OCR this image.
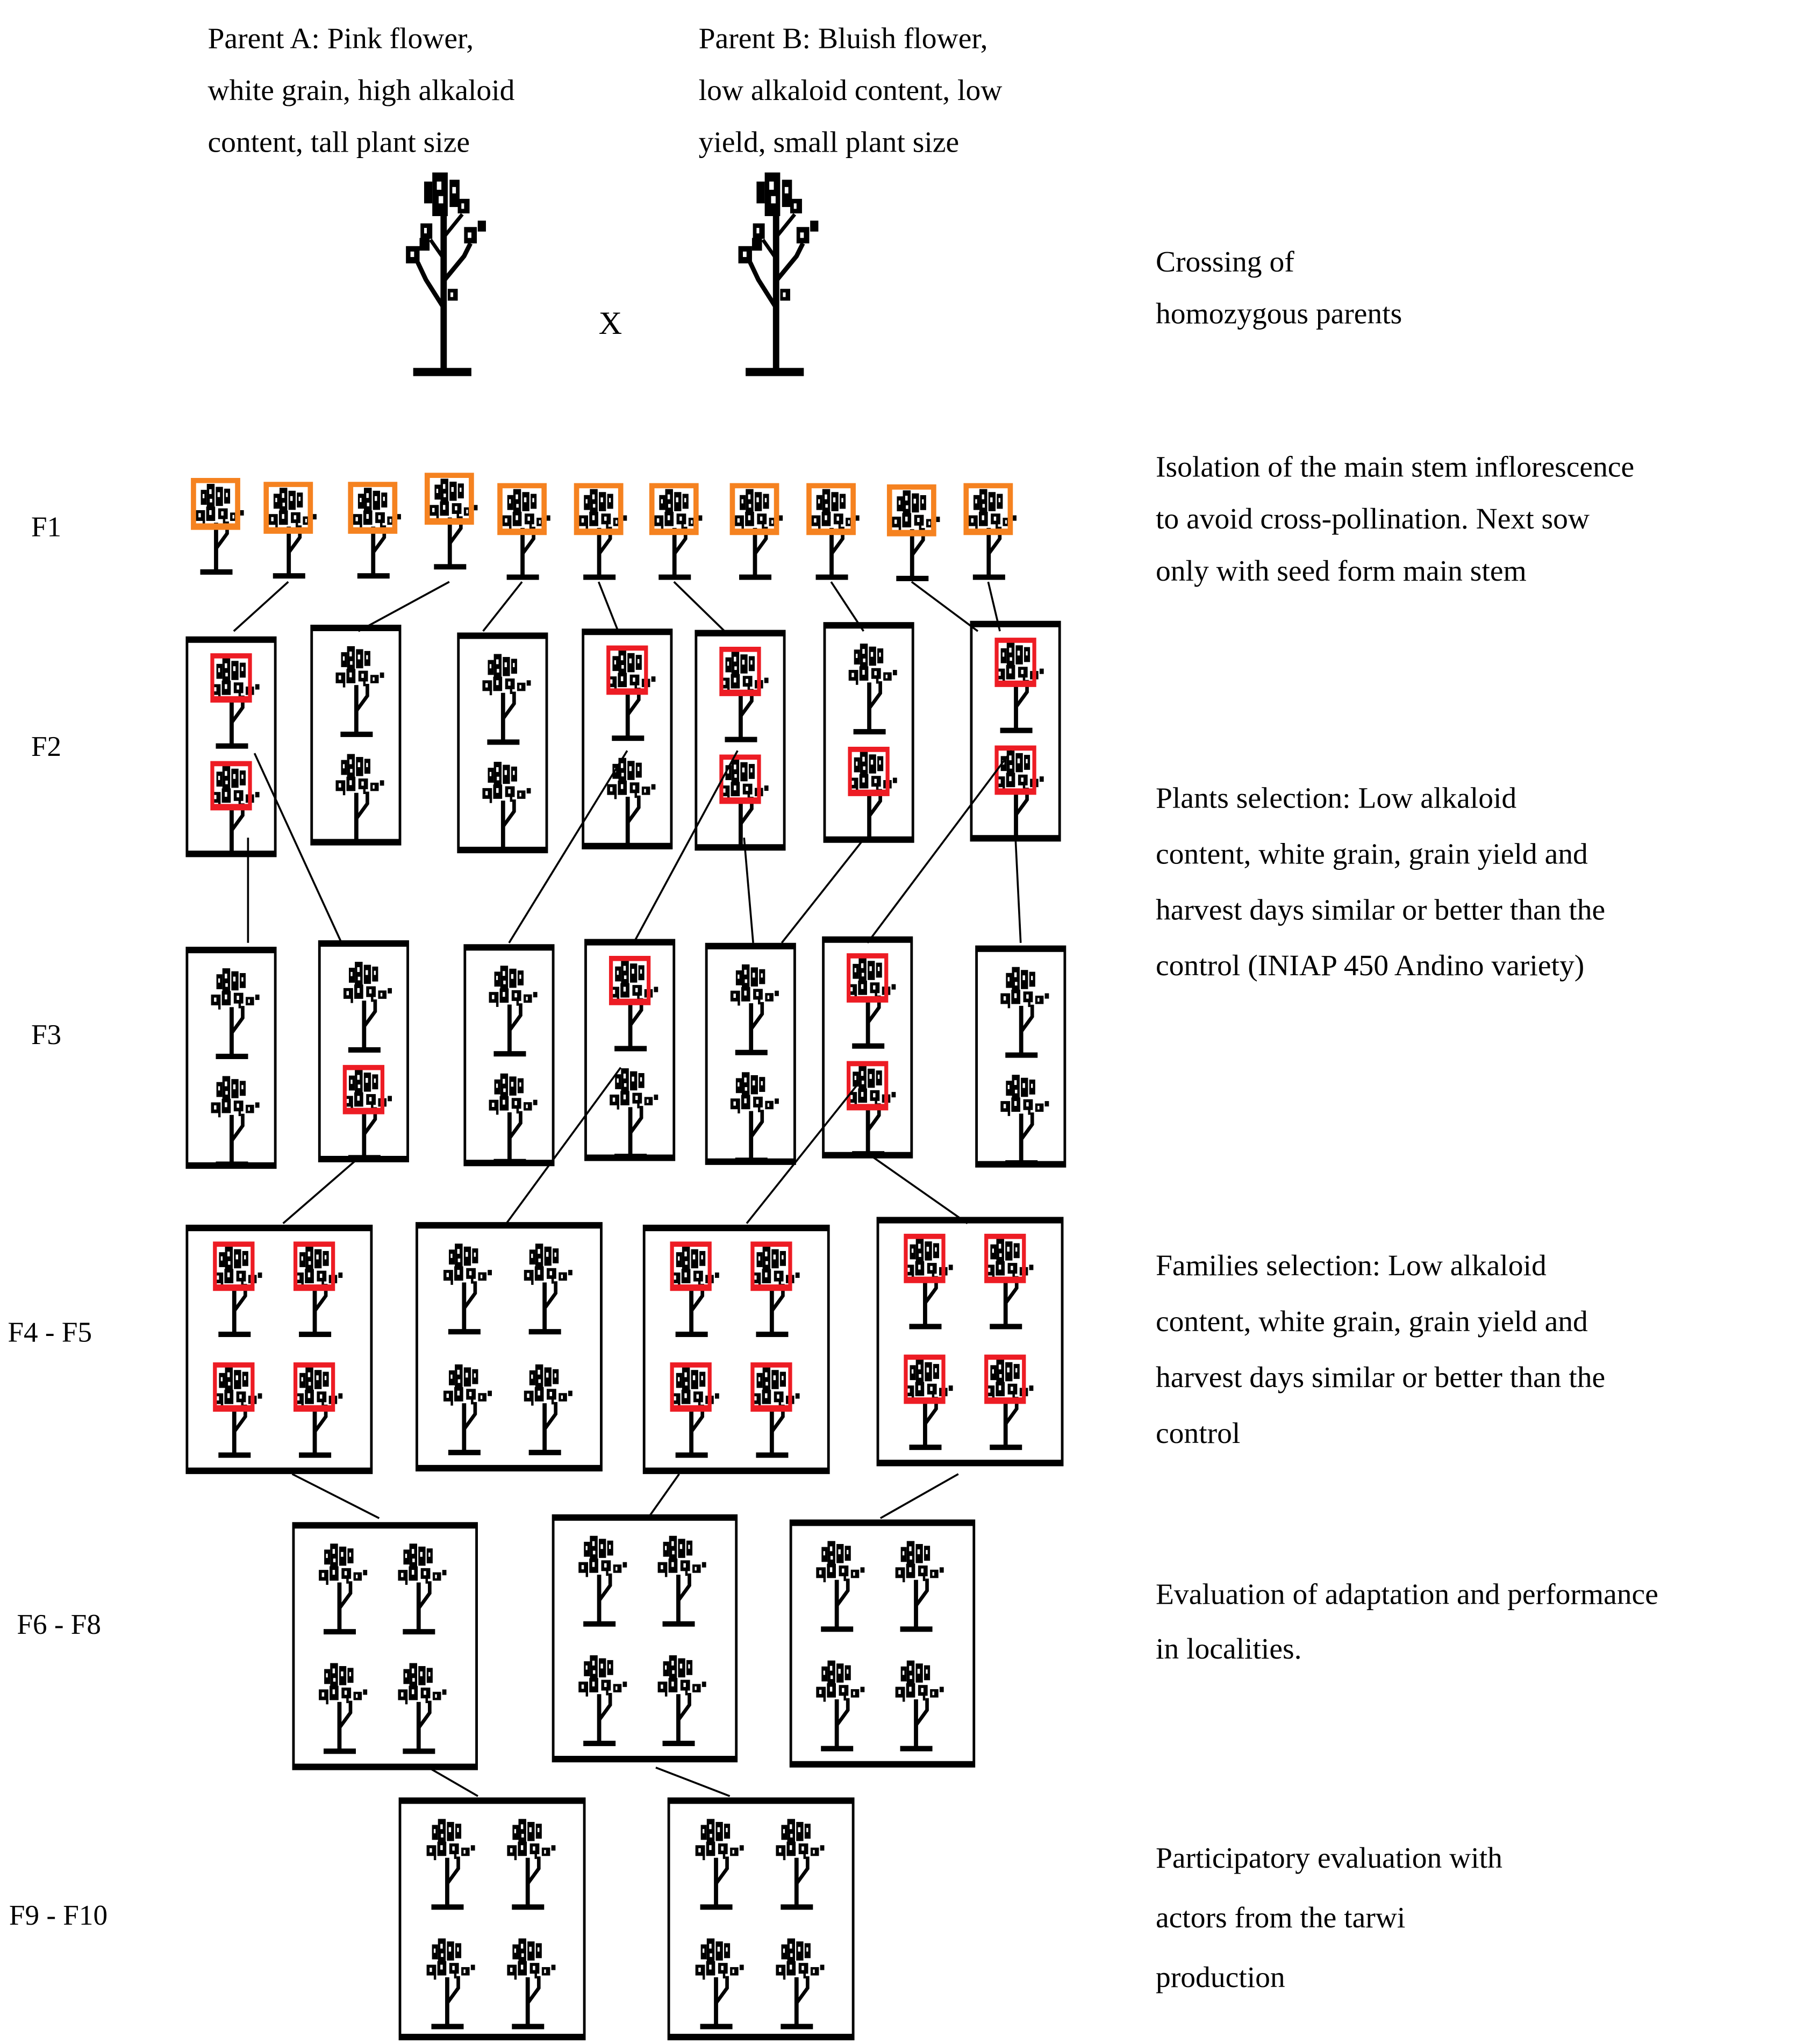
Parent A: Pink flower,
white grain, high alkaloid
content, tall plant size
Parent B: Bluish flower,
low alkaloid content, low
yield, small plant size
X
Crossing of
homozygous parents
Isolation of the main stem inflorescence
to avoid cross-pollination. Next sow
only with seed form main stem
Plants selection: Low alkaloid
content, white grain, grain yield and
harvest days similar or better than the
control (INIAP 450 Andino variety)
Families selection: Low alkaloid
content, white grain, grain yield and
harvest days similar or better than the
control
Evaluation of adaptation and performance
in localities.
Participatory evaluation with
actors from the tarwi
production
F1
F2
F3
F4 - F5
F6 - F8
F9 - F10
